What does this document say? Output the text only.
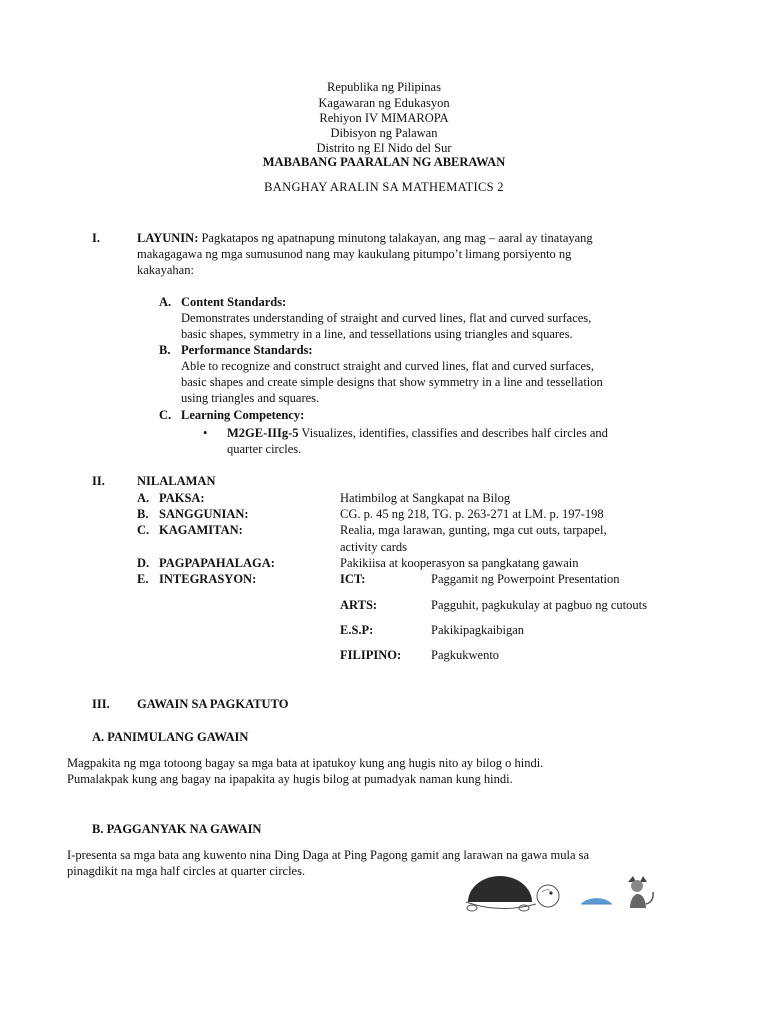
Republika ng Pilipinas
Kagawaran ng Edukasyon
Rehiyon IV MIMAROPA
Dibisyon ng Palawan
Distrito ng El Nido del Sur
MABABANG PAARALAN NG ABERAWAN
BANGHAY ARALIN SA MATHEMATICS 2
I.	LAYUNIN: Pagkatapos ng apatnapung minutong talakayan, ang mag – aaral ay tinatayang
makagagawa ng mga sumusunod nang may kaukulang pitumpo’t limang porsiyento ng
kakayahan:
A. Content Standards:
Demonstrates understanding of straight and curved lines, flat and curved surfaces,
basic shapes, symmetry in a line, and tessellations using triangles and squares.
B. Performance Standards:
Able to recognize and construct straight and curved lines, flat and curved surfaces,
basic shapes and create simple designs that show symmetry in a line and tessellation
using triangles and squares.
C. Learning Competency:
• M2GE-IIIg-5 Visualizes, identifies, classifies and describes half circles and
quarter circles.
II.	NILALAMAN
A. PAKSA:	Hatimbilog at Sangkapat na Bilog
B. SANGGUNIAN:	CG. p. 45 ng 218, TG. p. 263-271 at LM. p. 197-198
C. KAGAMITAN:	Realia, mga larawan, gunting, mga cut outs, tarpapel,
activity cards
D. PAGPAPAHALAGA:	Pakikiisa at kooperasyon sa pangkatang gawain
E. INTEGRASYON:	ICT:	Paggamit ng Powerpoint Presentation
ARTS:	Pagguhit, pagkukulay at pagbuo ng cutouts
E.S.P:	Pakikipagkaibigan
FILIPINO: Pagkukwento
III. GAWAIN SA PAGKATUTO
A. PANIMULANG GAWAIN
Magpakita ng mga totoong bagay sa mga bata at ipatukoy kung ang hugis nito ay bilog o hindi.
Pumalakpak kung ang bagay na ipapakita ay hugis bilog at pumadyak naman kung hindi.
B. PAGGANYAK NA GAWAIN
I-presenta sa mga bata ang kuwento nina Ding Daga at Ping Pagong gamit ang larawan na gawa mula sa
pinagdikit na mga half circles at quarter circles.
